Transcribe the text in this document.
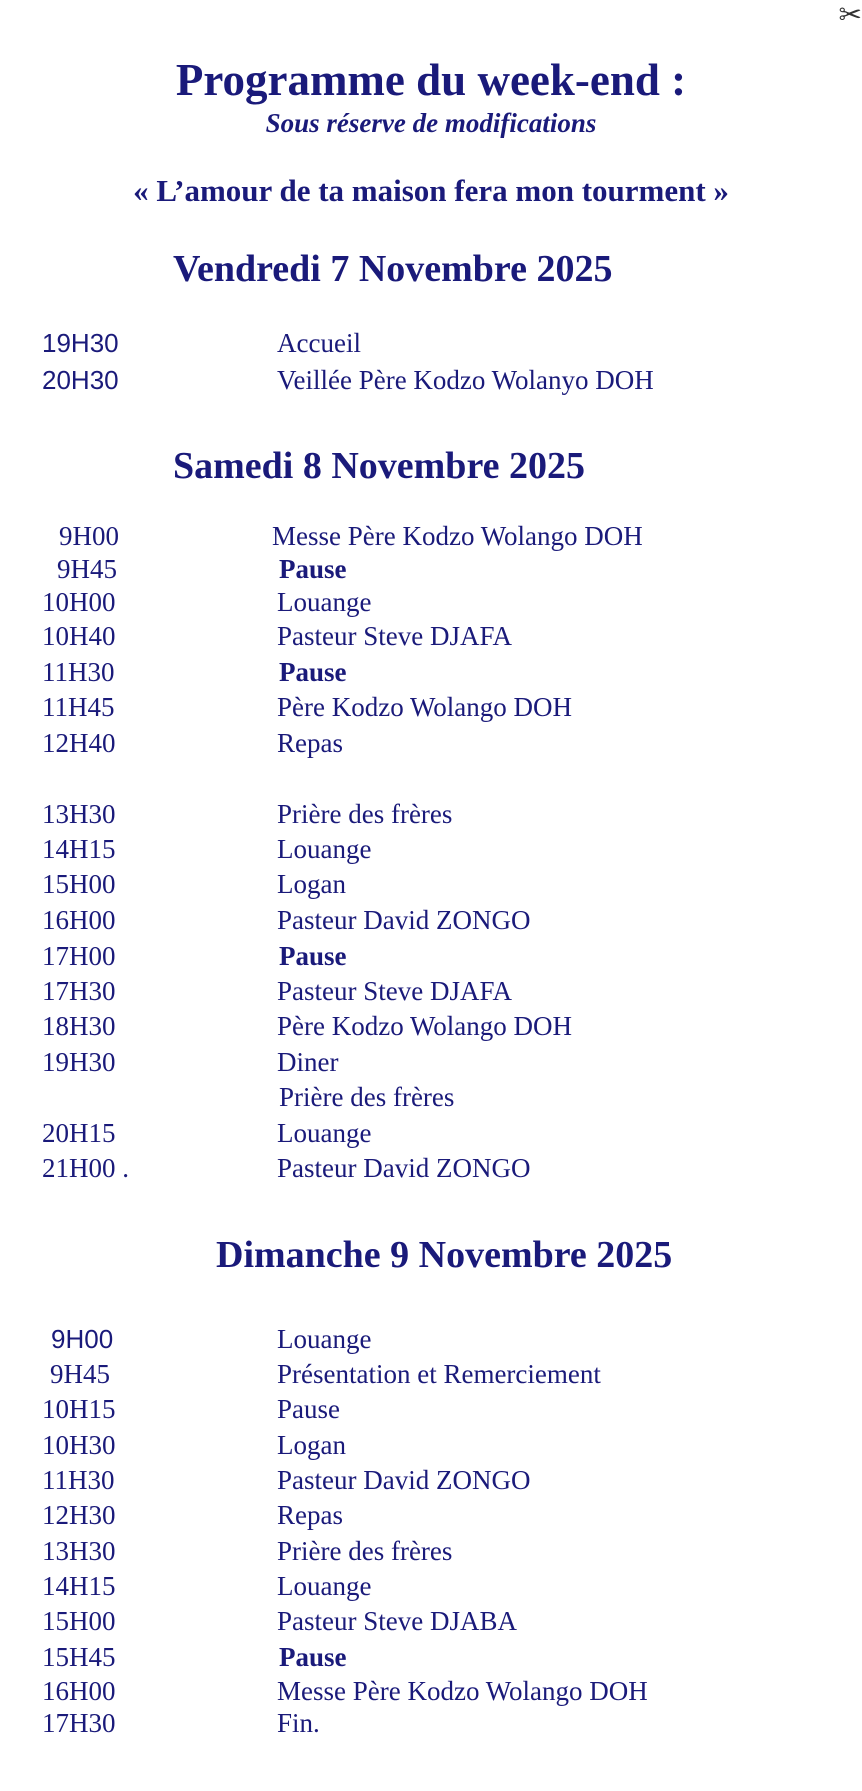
✂
Programme du week-end :
Sous réserve de modifications
« L’amour de ta maison fera mon tourment »
Vendredi 7 Novembre 2025
19H30	Accueil
20H30	Veillée Père Kodzo Wolanyo DOH
Samedi 8 Novembre 2025
9H00	Messe Père Kodzo Wolango DOH
9H45	Pause
10H00	Louange
10H40	Pasteur Steve DJAFA
11H30	Pause
11H45	Père Kodzo Wolango DOH
12H40	Repas
13H30	Prière des frères
14H15	Louange
15H00	Logan
16H00	Pasteur David ZONGO
17H00	Pause
17H30	Pasteur Steve DJAFA
18H30	Père Kodzo Wolango DOH
19H30	Diner
Prière des frères
20H15	Louange
21H00 .	Pasteur David ZONGO
Dimanche 9 Novembre 2025
9H00	Louange
9H45	Présentation et Remerciement
10H15	Pause
10H30	Logan
11H30	Pasteur David ZONGO
12H30	Repas
13H30	Prière des frères
14H15	Louange
15H00	Pasteur Steve DJABA
15H45	Pause
16H00	Messe Père Kodzo Wolango DOH
17H30	Fin.
